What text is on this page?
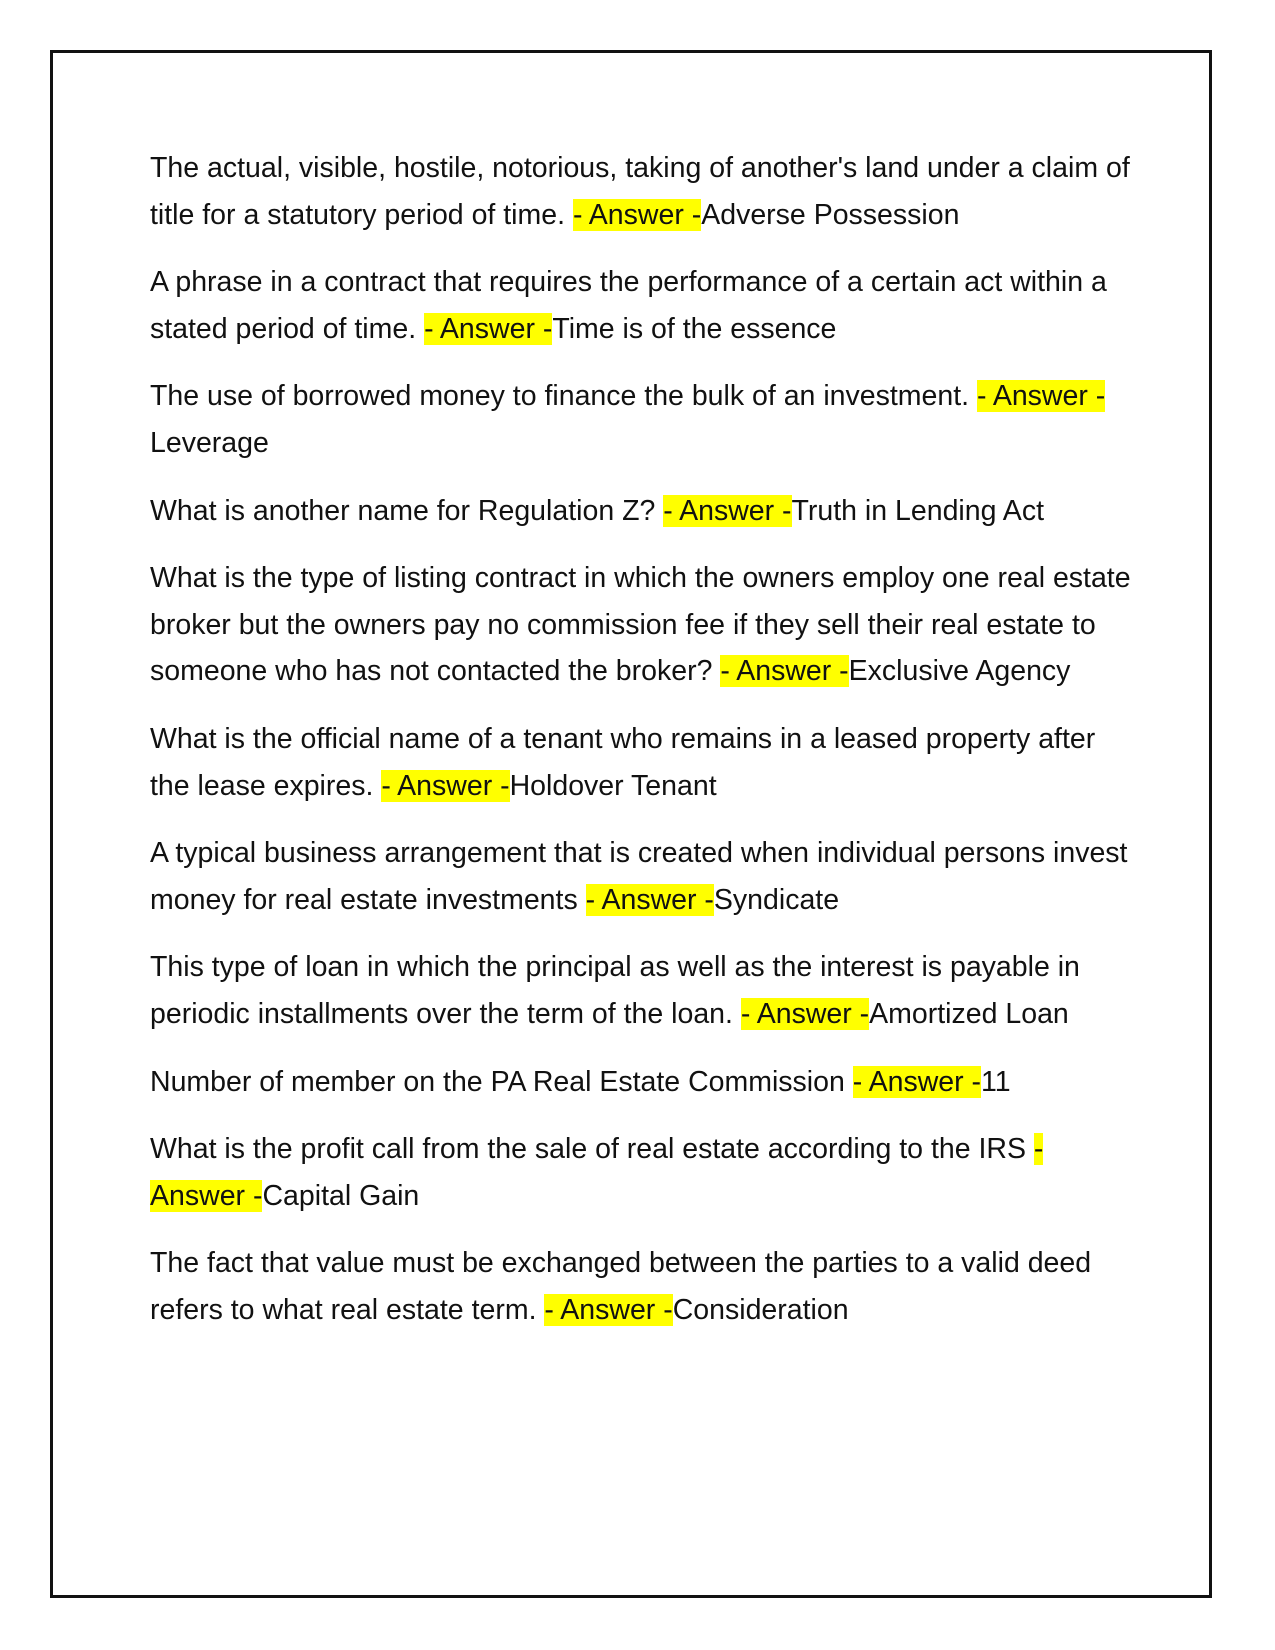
The actual, visible, hostile, notorious, taking of another's land under a claim of title for a statutory period of time. - Answer -Adverse Possession
A phrase in a contract that requires the performance of a certain act within a stated period of time. - Answer -Time is of the essence
The use of borrowed money to finance the bulk of an investment. - Answer -Leverage
What is another name for Regulation Z? - Answer -Truth in Lending Act
What is the type of listing contract in which the owners employ one real estate broker but the owners pay no commission fee if they sell their real estate to someone who has not contacted the broker? - Answer -Exclusive Agency
What is the official name of a tenant who remains in a leased property after the lease expires. - Answer -Holdover Tenant
A typical business arrangement that is created when individual persons invest money for real estate investments - Answer -Syndicate
This type of loan in which the principal as well as the interest is payable in periodic installments over the term of the loan. - Answer -Amortized Loan
Number of member on the PA Real Estate Commission - Answer -11
What is the profit call from the sale of real estate according to the IRS - Answer -Capital Gain
The fact that value must be exchanged between the parties to a valid deed refers to what real estate term. - Answer -Consideration
